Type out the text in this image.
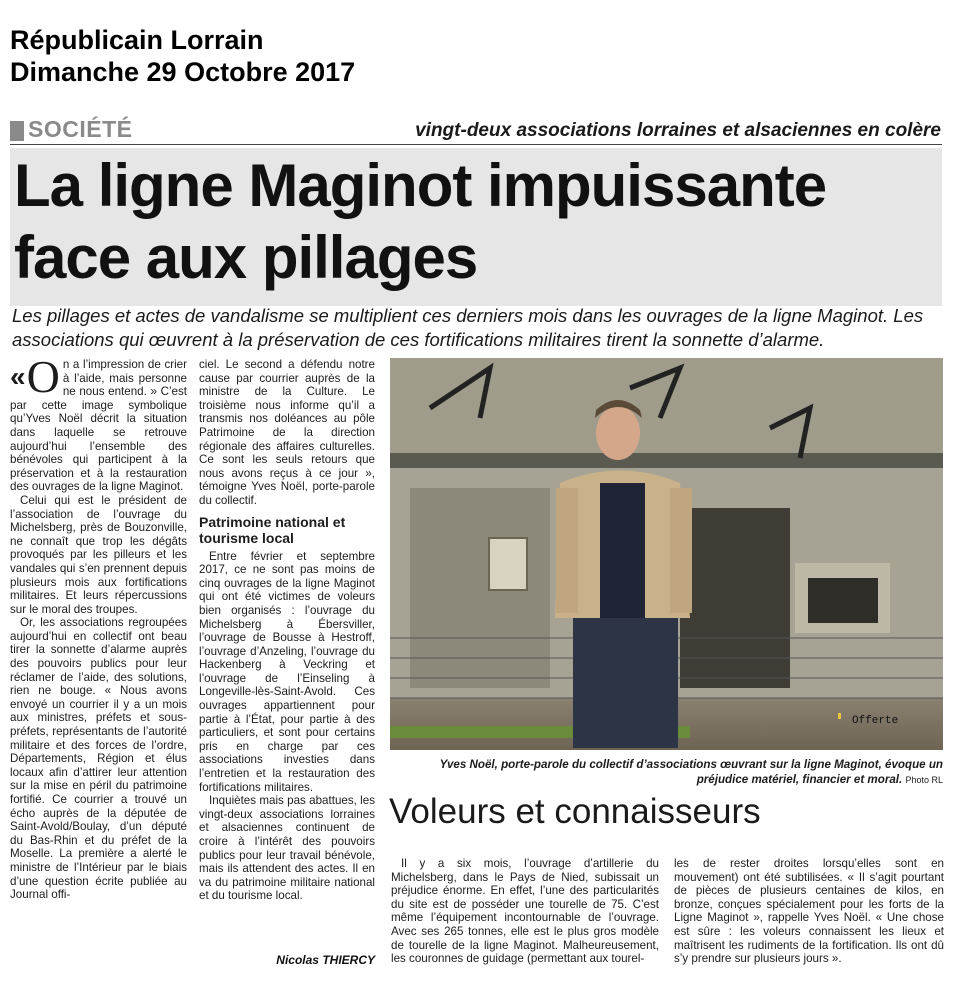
Républicain Lorrain
Dimanche 29 Octobre 2017
SOCIÉTÉ	vingt-deux associations lorraines et alsaciennes en colère
La ligne Maginot impuissante face aux pillages
Les pillages et actes de vandalisme se multiplient ces derniers mois dans les ouvrages de la ligne Maginot. Les associations qui œuvrent à la préservation de ces fortifications militaires tirent la sonnette d’alarme.

« O n a l’impression de crier à l’aide, mais personne ne nous entend. » C’est par cette image symbolique qu’Yves Noël décrit la situation dans laquelle se retrouve aujourd’hui l’ensemble des bénévoles qui participent à la préservation et à la restauration des ouvrages de la ligne Maginot.

Celui qui est le président de l’association de l’ouvrage du Michelsberg, près de Bouzonville, ne connaît que trop les dégâts provoqués par les pilleurs et les vandales qui s’en prennent depuis plusieurs mois aux fortifications militaires. Et leurs répercussions sur le moral des troupes.

Or, les associations regroupées aujourd’hui en collectif ont beau tirer la sonnette d’alarme auprès des pouvoirs publics pour leur réclamer de l’aide, des solutions, rien ne bouge. « Nous avons envoyé un courrier il y a un mois aux ministres, préfets et sous-préfets, représentants de l’autorité militaire et des forces de l’ordre, Départements, Région et élus locaux afin d’attirer leur attention sur la mise en péril du patrimoine fortifié. Ce courrier a trouvé un écho auprès de la députée de Saint-Avold/Boulay, d’un député du Bas-Rhin et du préfet de la Moselle. La première a alerté le ministre de l’Intérieur par le biais d’une question écrite publiée au Journal offi-

ciel. Le second a défendu notre cause par courrier auprès de la ministre de la Culture. Le troisième nous informe qu’il a transmis nos doléances au pôle Patrimoine de la direction régionale des affaires culturelles. Ce sont les seuls retours que nous avons reçus à ce jour », témoigne Yves Noël, porte-parole du collectif.

Patrimoine national et tourisme local

Entre février et septembre 2017, ce ne sont pas moins de cinq ouvrages de la ligne Maginot qui ont été victimes de voleurs bien organisés : l’ouvrage du Michelsberg à Ébersviller, l’ouvrage de Bousse à Hestroff, l’ouvrage d’Anzeling, l’ouvrage du Hackenberg à Veckring et l’ouvrage de l’Einseling à Longeville-lès-Saint-Avold. Ces ouvrages appartiennent pour partie à l’État, pour partie à des particuliers, et sont pour certains pris en charge par ces associations investies dans l’entretien et la restauration des fortifications militaires.

Inquiètes mais pas abattues, les vingt-deux associations lorraines et alsaciennes continuent de croire à l’intérêt des pouvoirs publics pour leur travail bénévole, mais ils attendent des actes. Il en va du patrimoine militaire national et du tourisme local.

Nicolas THIERCY
Offerte
Yves Noël, porte-parole du collectif d’associations œuvrant sur la ligne Maginot, évoque un préjudice matériel, financier et moral. Photo RL
Voleurs et connaisseurs

Il y a six mois, l’ouvrage d’artillerie du Michelsberg, dans le Pays de Nied, subissait un préjudice énorme. En effet, l’une des particularités du site est de posséder une tourelle de 75. C’est même l’équipement incontournable de l’ouvrage. Avec ses 265 tonnes, elle est le plus gros modèle de tourelle de la ligne Maginot. Malheureusement, les couronnes de guidage (permettant aux tourel-

les de rester droites lorsqu’elles sont en mouvement) ont été subtilisées. « Il s’agit pourtant de pièces de plusieurs centaines de kilos, en bronze, conçues spécialement pour les forts de la Ligne Maginot », rappelle Yves Noël. « Une chose est sûre : les voleurs connaissent les lieux et maîtrisent les rudiments de la fortification. Ils ont dû s’y prendre sur plusieurs jours ».
